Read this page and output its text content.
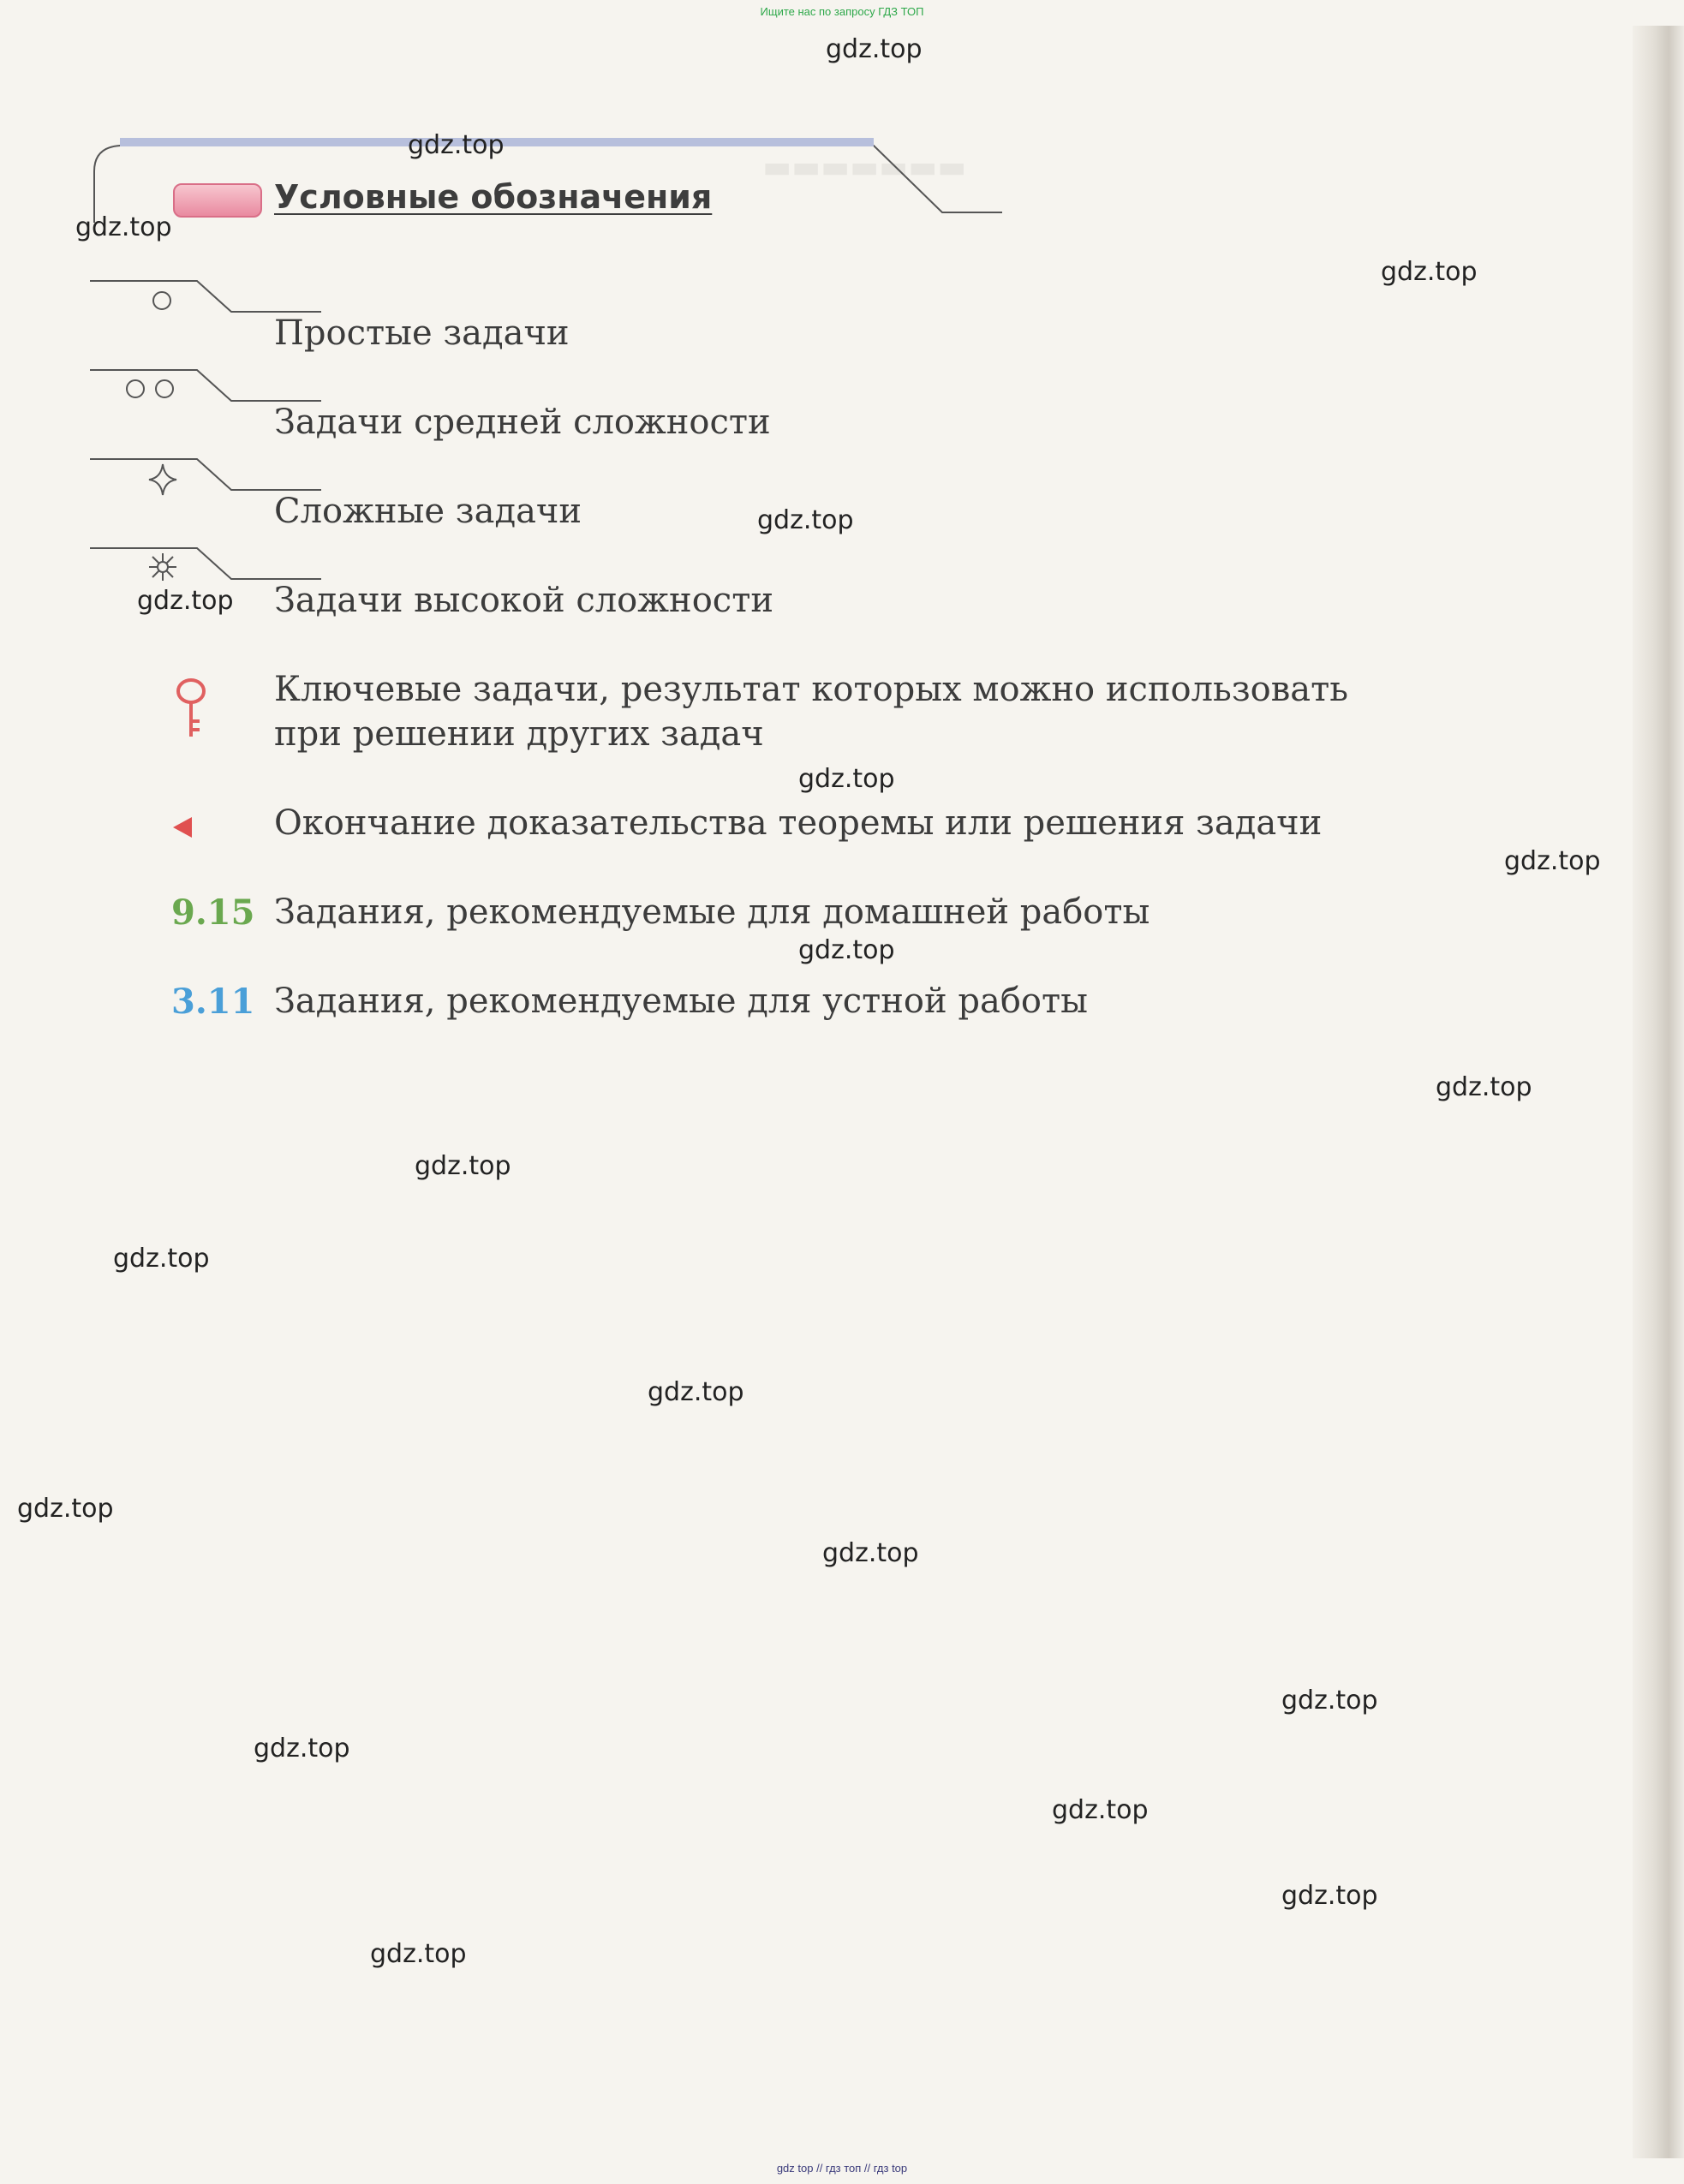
Ищите нас по запросу ГДЗ ТОП
▬▬▬▬▬▬▬
Условные обозначения
Простые задачи
Задачи средней сложности
Сложные задачи
Задачи высокой сложности
Ключевые задачи, результат которых можно использовать
при решении других задач
Окончание доказательства теоремы или решения задачи
9.15 Задания, рекомендуемые для домашней работы
3.11 Задания, рекомендуемые для устной работы
gdz.top
gdz.top
gdz.top
gdz.top
gdz.top
gdz.top
gdz.top
gdz.top
gdz.top
gdz.top
gdz.top
gdz.top
gdz.top
gdz.top
gdz.top
gdz.top
gdz.top
gdz.top
gdz.top
gdz.top
gdz top // гдз топ // гдз top
